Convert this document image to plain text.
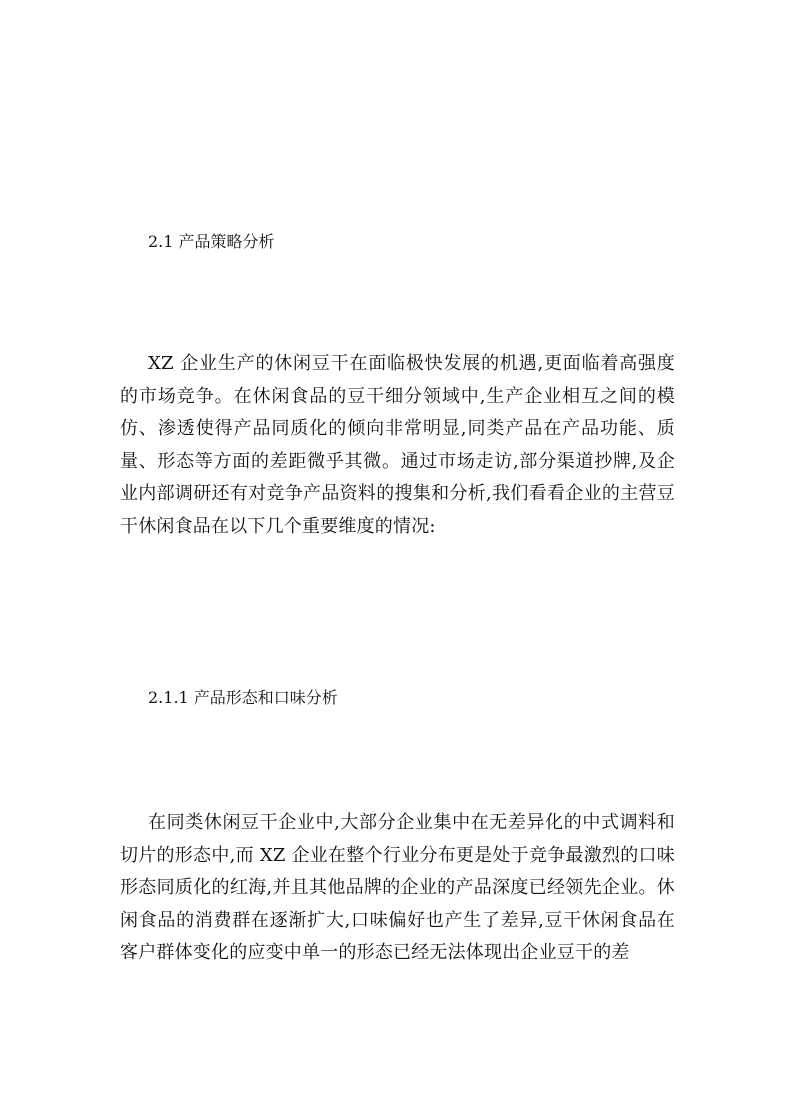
2.1 产品策略分析

XZ 企业生产的休闲豆干在面临极快发展的机遇,更面临着高强度的市场竞争。在休闲食品的豆干细分领域中,生产企业相互之间的模仿、渗透使得产品同质化的倾向非常明显,同类产品在产品功能、质量、形态等方面的差距微乎其微。通过市场走访,部分渠道抄牌,及企业内部调研还有对竞争产品资料的搜集和分析,我们看看企业的主营豆干休闲食品在以下几个重要维度的情况:

2.1.1 产品形态和口味分析

在同类休闲豆干企业中,大部分企业集中在无差异化的中式调料和切片的形态中,而 XZ 企业在整个行业分布更是处于竞争最激烈的口味形态同质化的红海,并且其他品牌的企业的产品深度已经领先企业。休闲食品的消费群在逐渐扩大,口味偏好也产生了差异,豆干休闲食品在客户群体变化的应变中单一的形态已经无法体现出企业豆干的差
